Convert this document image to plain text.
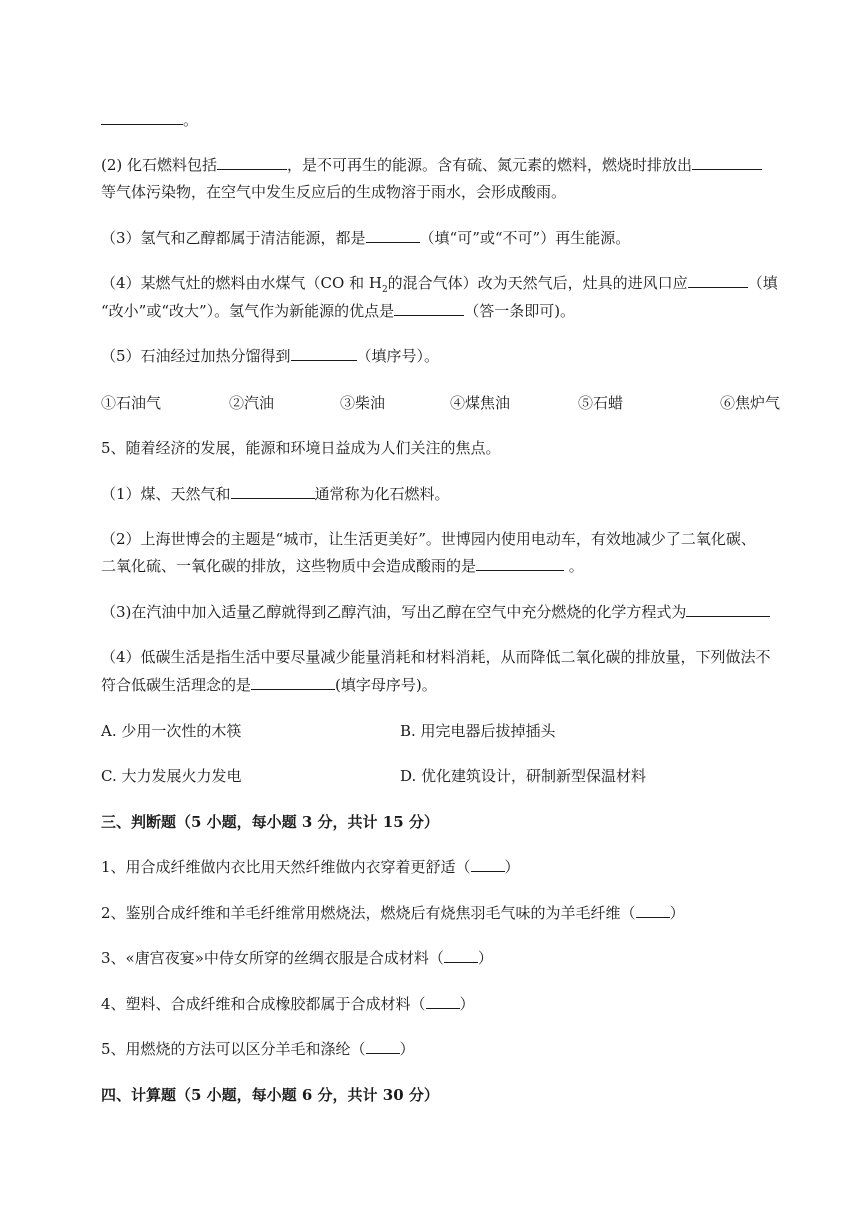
。
(2) 化石燃料包括	，是不可再生的能源。含有硫、氮元素的燃料，燃烧时排放出
等气体污染物，在空气中发生反应后的生成物溶于雨水，会形成酸雨。
（3）氢气和乙醇都属于清洁能源，都是	（填“可”或“不可”）再生能源。
（4）某燃气灶的燃料由水煤气（CO 和 $H_2$的混合气体）改为天然气后，灶具的进风口应	（填
“改小”或“改大”）。氢气作为新能源的优点是	（答一条即可)。
（5）石油经过加热分馏得到	（填序号）。
①石油气	②汽油	③柴油	④煤焦油	⑤石蜡	⑥焦炉气
5、随着经济的发展，能源和环境日益成为人们关注的焦点。
（1）煤、天然气和	通常称为化石燃料。
（2）上海世博会的主题是“城市，让生活更美好”。世博园内使用电动车，有效地减少了二氧化碳、
二氧化硫、一氧化碳的排放，这些物质中会造成酸雨的是	。
（3)在汽油中加入适量乙醇就得到乙醇汽油，写出乙醇在空气中充分燃烧的化学方程式为
（4）低碳生活是指生活中要尽量减少能量消耗和材料消耗，从而降低二氧化碳的排放量，下列做法不
符合低碳生活理念的是	(填字母序号)。
A. 少用一次性的木筷	B. 用完电器后拔掉插头
C. 大力发展火力发电	D. 优化建筑设计，研制新型保温材料
三、判断题（5 小题，每小题 3 分，共计 15 分）
1、用合成纤维做内衣比用天然纤维做内衣穿着更舒适（ ）
2、鉴别合成纤维和羊毛纤维常用燃烧法，燃烧后有烧焦羽毛气味的为羊毛纤维（ ）
3、«唐宫夜宴»中侍女所穿的丝绸衣服是合成材料（ ）
4、塑料、合成纤维和合成橡胶都属于合成材料（ ）
5、用燃烧的方法可以区分羊毛和涤纶（ ）
四、计算题（5 小题，每小题 6 分，共计 30 分）
